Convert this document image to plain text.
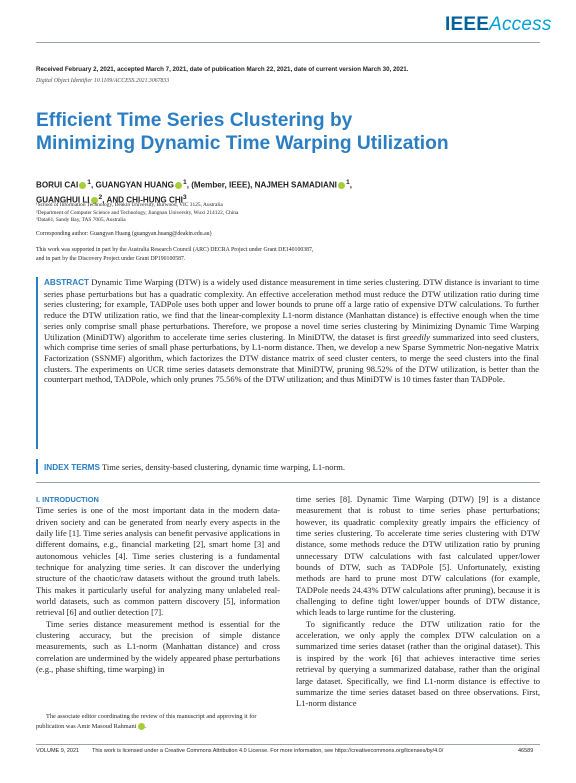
IEEEAccess
Received February 2, 2021, accepted March 7, 2021, date of publication March 22, 2021, date of current version March 30, 2021.
Digital Object Identifier 10.1109/ACCESS.2021.3067833
Efficient Time Series Clustering by Minimizing Dynamic Time Warping Utilization
BORUI CAI $^1$, GUANGYAN HUANG $^1$, (Member, IEEE), NAJMEH SAMADIANI $^1$,
GUANGHUI LI $^2$, AND CHI-HUNG CHI$^3$
¹School of Information Technology, Deakin University, Burwood, VIC 3125, Australia
²Department of Computer Science and Technology, Jiangnan University, Wuxi 214122, China
³Data61, Sandy Bay, TAS 7005, Australia
Corresponding author: Guangyan Huang (guangyan.huang@deakin.edu.au)
This work was supported in part by the Australia Research Council (ARC) DECRA Project under Grant DE140100387,
and in part by the Discovery Project under Grant DP190100587.
ABSTRACT Dynamic Time Warping (DTW) is a widely used distance measurement in time series clustering. DTW distance is invariant to time series phase perturbations but has a quadratic complexity. An effective acceleration method must reduce the DTW utilization ratio during time series clustering; for example, TADPole uses both upper and lower bounds to prune off a large ratio of expensive DTW calculations. To further reduce the DTW utilization ratio, we find that the linear-complexity L1-norm distance (Manhattan distance) is effective enough when the time series only comprise small phase perturbations. Therefore, we propose a novel time series clustering by Minimizing Dynamic Time Warping Utilization (MiniDTW) algorithm to accelerate time series clustering. In MiniDTW, the dataset is first greedily summarized into seed clusters, which comprise time series of small phase perturbations, by L1-norm distance. Then, we develop a new Sparse Symmetric Non-negative Matrix Factorization (SSNMF) algorithm, which factorizes the DTW distance matrix of seed cluster centers, to merge the seed clusters into the final clusters. The experiments on UCR time series datasets demonstrate that MiniDTW, pruning 98.52% of the DTW utilization, is better than the counterpart method, TADPole, which only prunes 75.56% of the DTW utilization; and thus MiniDTW is 10 times faster than TADPole.
INDEX TERMS Time series, density-based clustering, dynamic time warping, L1-norm.
I. INTRODUCTION

Time series is one of the most important data in the modern data-driven society and can be generated from nearly every aspects in the daily life [1]. Time series analysis can benefit pervasive applications in different domains, e.g., financial marketing [2], smart home [3] and autonomous vehicles [4]. Time series clustering is a fundamental technique for analyzing time series. It can discover the underlying structure of the chaotic/raw datasets without the ground truth labels. This makes it particularly useful for analyzing many unlabeled real-world datasets, such as common pattern discovery [5], information retrieval [6] and outlier detection [7].

Time series distance measurement method is essential for the clustering accuracy, but the precision of simple distance measurements, such as L1-norm (Manhattan distance) and cross correlation are undermined by the widely appeared phase perturbations (e.g., phase shifting, time warping) in

The associate editor coordinating the review of this manuscript and approving it for publication was Amir Masoud Rahmani .

time series [8]. Dynamic Time Warping (DTW) [9] is a distance measurement that is robust to time series phase perturbations; however, its quadratic complexity greatly impairs the efficiency of time series clustering. To accelerate time series clustering with DTW distance, some methods reduce the DTW utilization ratio by pruning unnecessary DTW calculations with fast calculated upper/lower bounds of DTW, such as TADPole [5]. Unfortunately, existing methods are hard to prune most DTW calculations (for example, TADPole needs 24.43% DTW calculations after pruning), because it is challenging to define tight lower/upper bounds of DTW distance, which leads to large runtime for the clustering.

To significantly reduce the DTW utilization ratio for the acceleration, we only apply the complex DTW calculation on a summarized time series dataset (rather than the original dataset). This is inspired by the work [6] that achieves interactive time series retrieval by querying a summarized database, rather than the original large dataset. Specifically, we find L1-norm distance is effective to summarize the time series dataset based on three observations. First, L1-norm distance

VOLUME 9, 2021 This work is licensed under a Creative Commons Attribution 4.0 License. For more information, see https://creativecommons.org/licenses/by/4.0/	46589
